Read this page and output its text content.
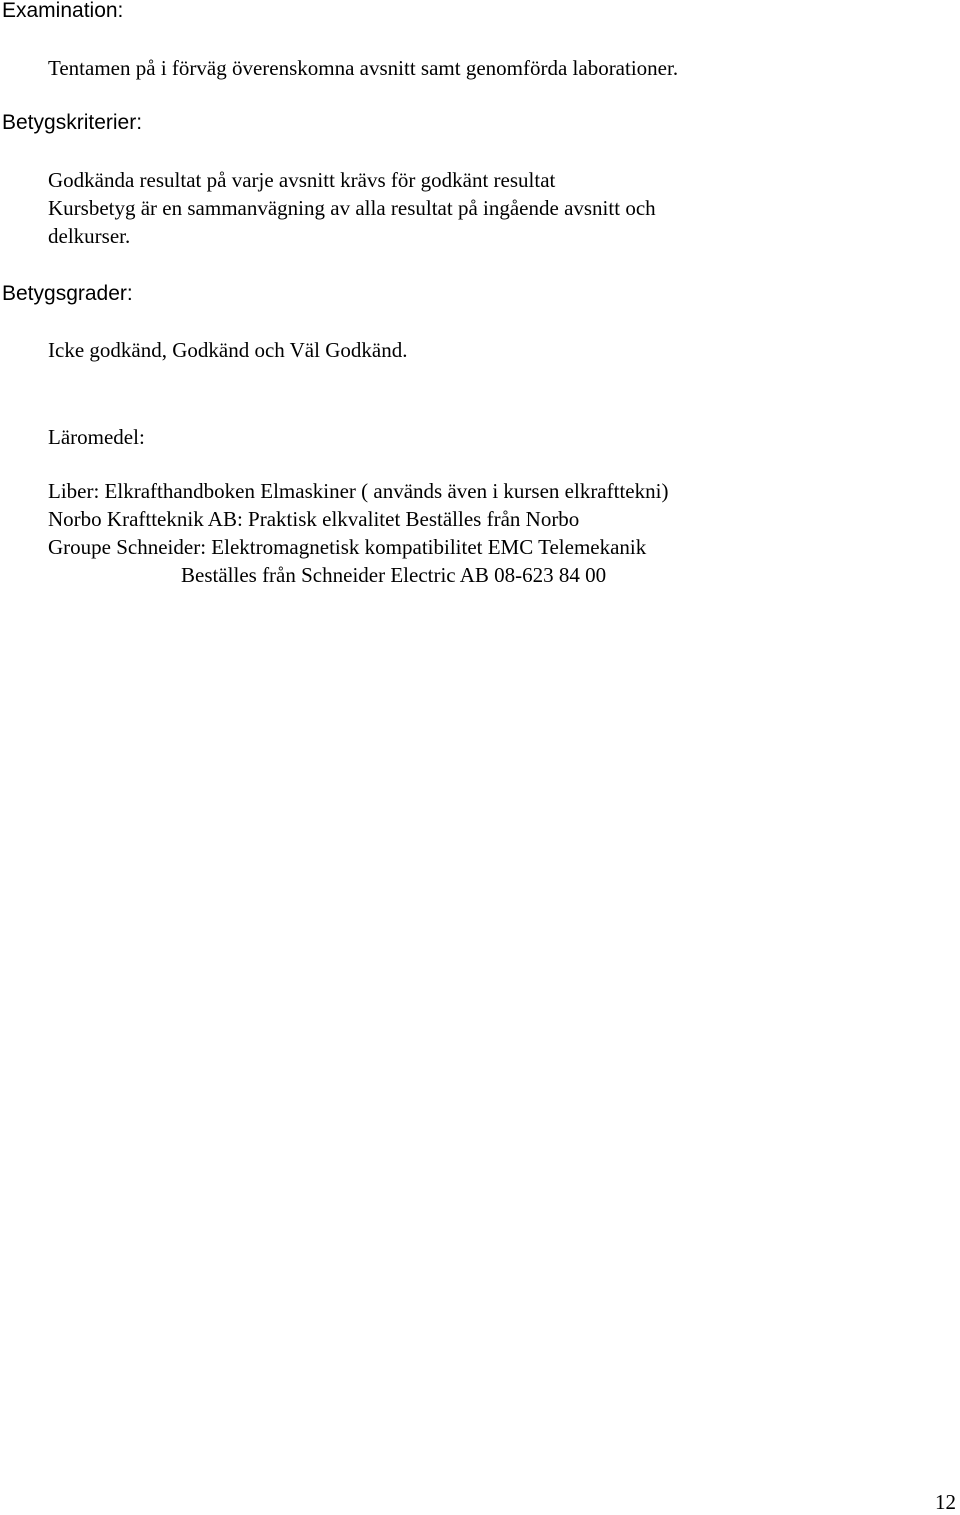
Examination:
Tentamen på i förväg överenskomna avsnitt samt genomförda laborationer.
Betygskriterier:
Godkända resultat på varje avsnitt krävs för godkänt resultat
Kursbetyg är en sammanvägning av alla resultat på ingående avsnitt och
delkurser.
Betygsgrader:
Icke godkänd, Godkänd och Väl Godkänd.
Läromedel:
Liber: Elkrafthandboken Elmaskiner ( används även i kursen elkrafttekni)
Norbo Kraftteknik AB: Praktisk elkvalitet Beställes från Norbo
Groupe Schneider: Elektromagnetisk kompatibilitet EMC Telemekanik
Beställes från Schneider Electric AB 08-623 84 00
12
